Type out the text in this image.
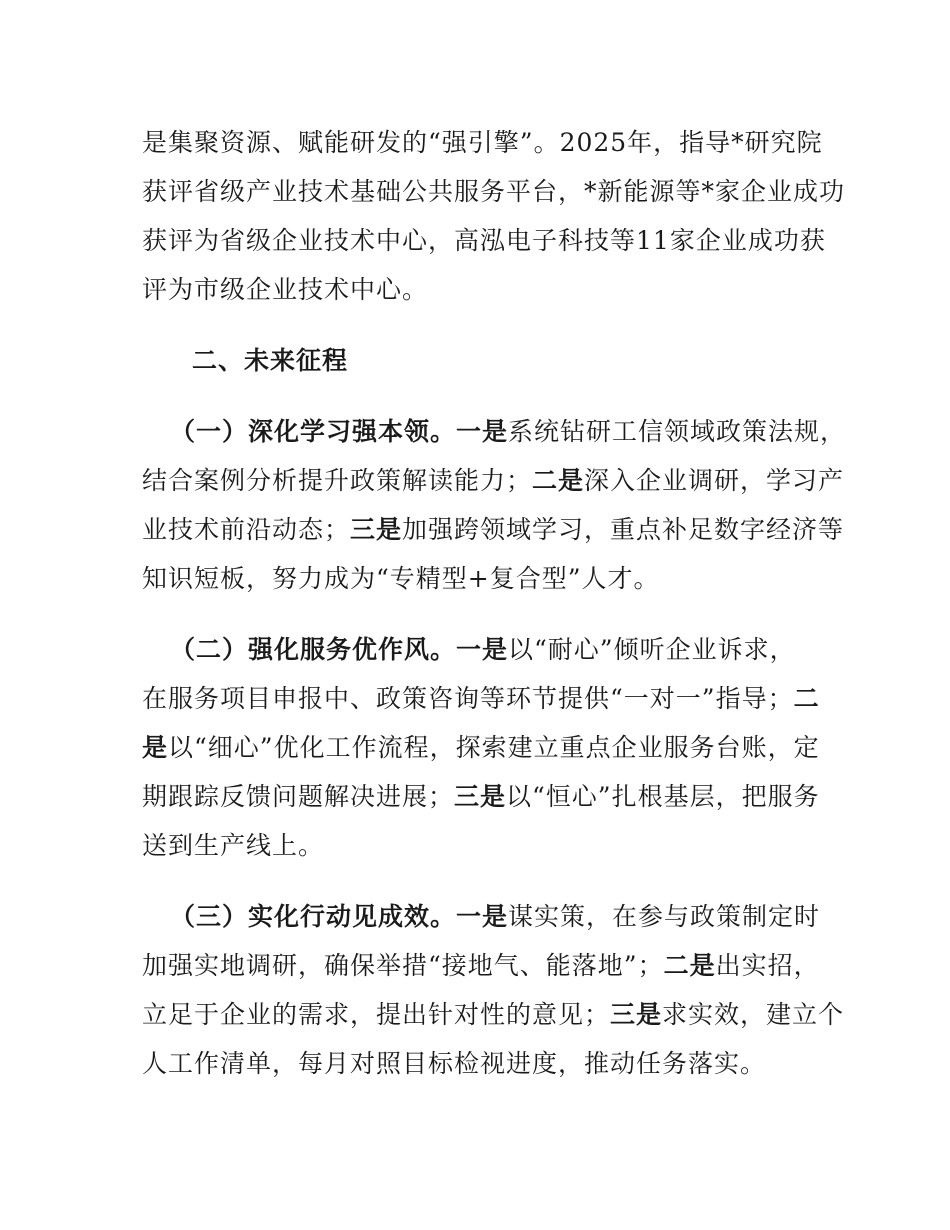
是集聚资源、赋能研发的“强引擎”。2025年，指导*研究院
获评省级产业技术基础公共服务平台，*新能源等*家企业成功
获评为省级企业技术中心，高泓电子科技等11家企业成功获
评为市级企业技术中心。
二、未来征程
（一）深化学习强本领。一是系统钻研工信领域政策法规，
结合案例分析提升政策解读能力；二是深入企业调研，学习产
业技术前沿动态；三是加强跨领域学习，重点补足数字经济等
知识短板，努力成为“专精型+复合型”人才。
（二）强化服务优作风。一是以“耐心”倾听企业诉求，
在服务项目申报中、政策咨询等环节提供“一对一”指导；二
是以“细心”优化工作流程，探索建立重点企业服务台账，定
期跟踪反馈问题解决进展；三是以“恒心”扎根基层，把服务
送到生产线上。
（三）实化行动见成效。一是谋实策，在参与政策制定时
加强实地调研，确保举措“接地气、能落地”；二是出实招，
立足于企业的需求，提出针对性的意见；三是求实效，建立个
人工作清单，每月对照目标检视进度，推动任务落实。
